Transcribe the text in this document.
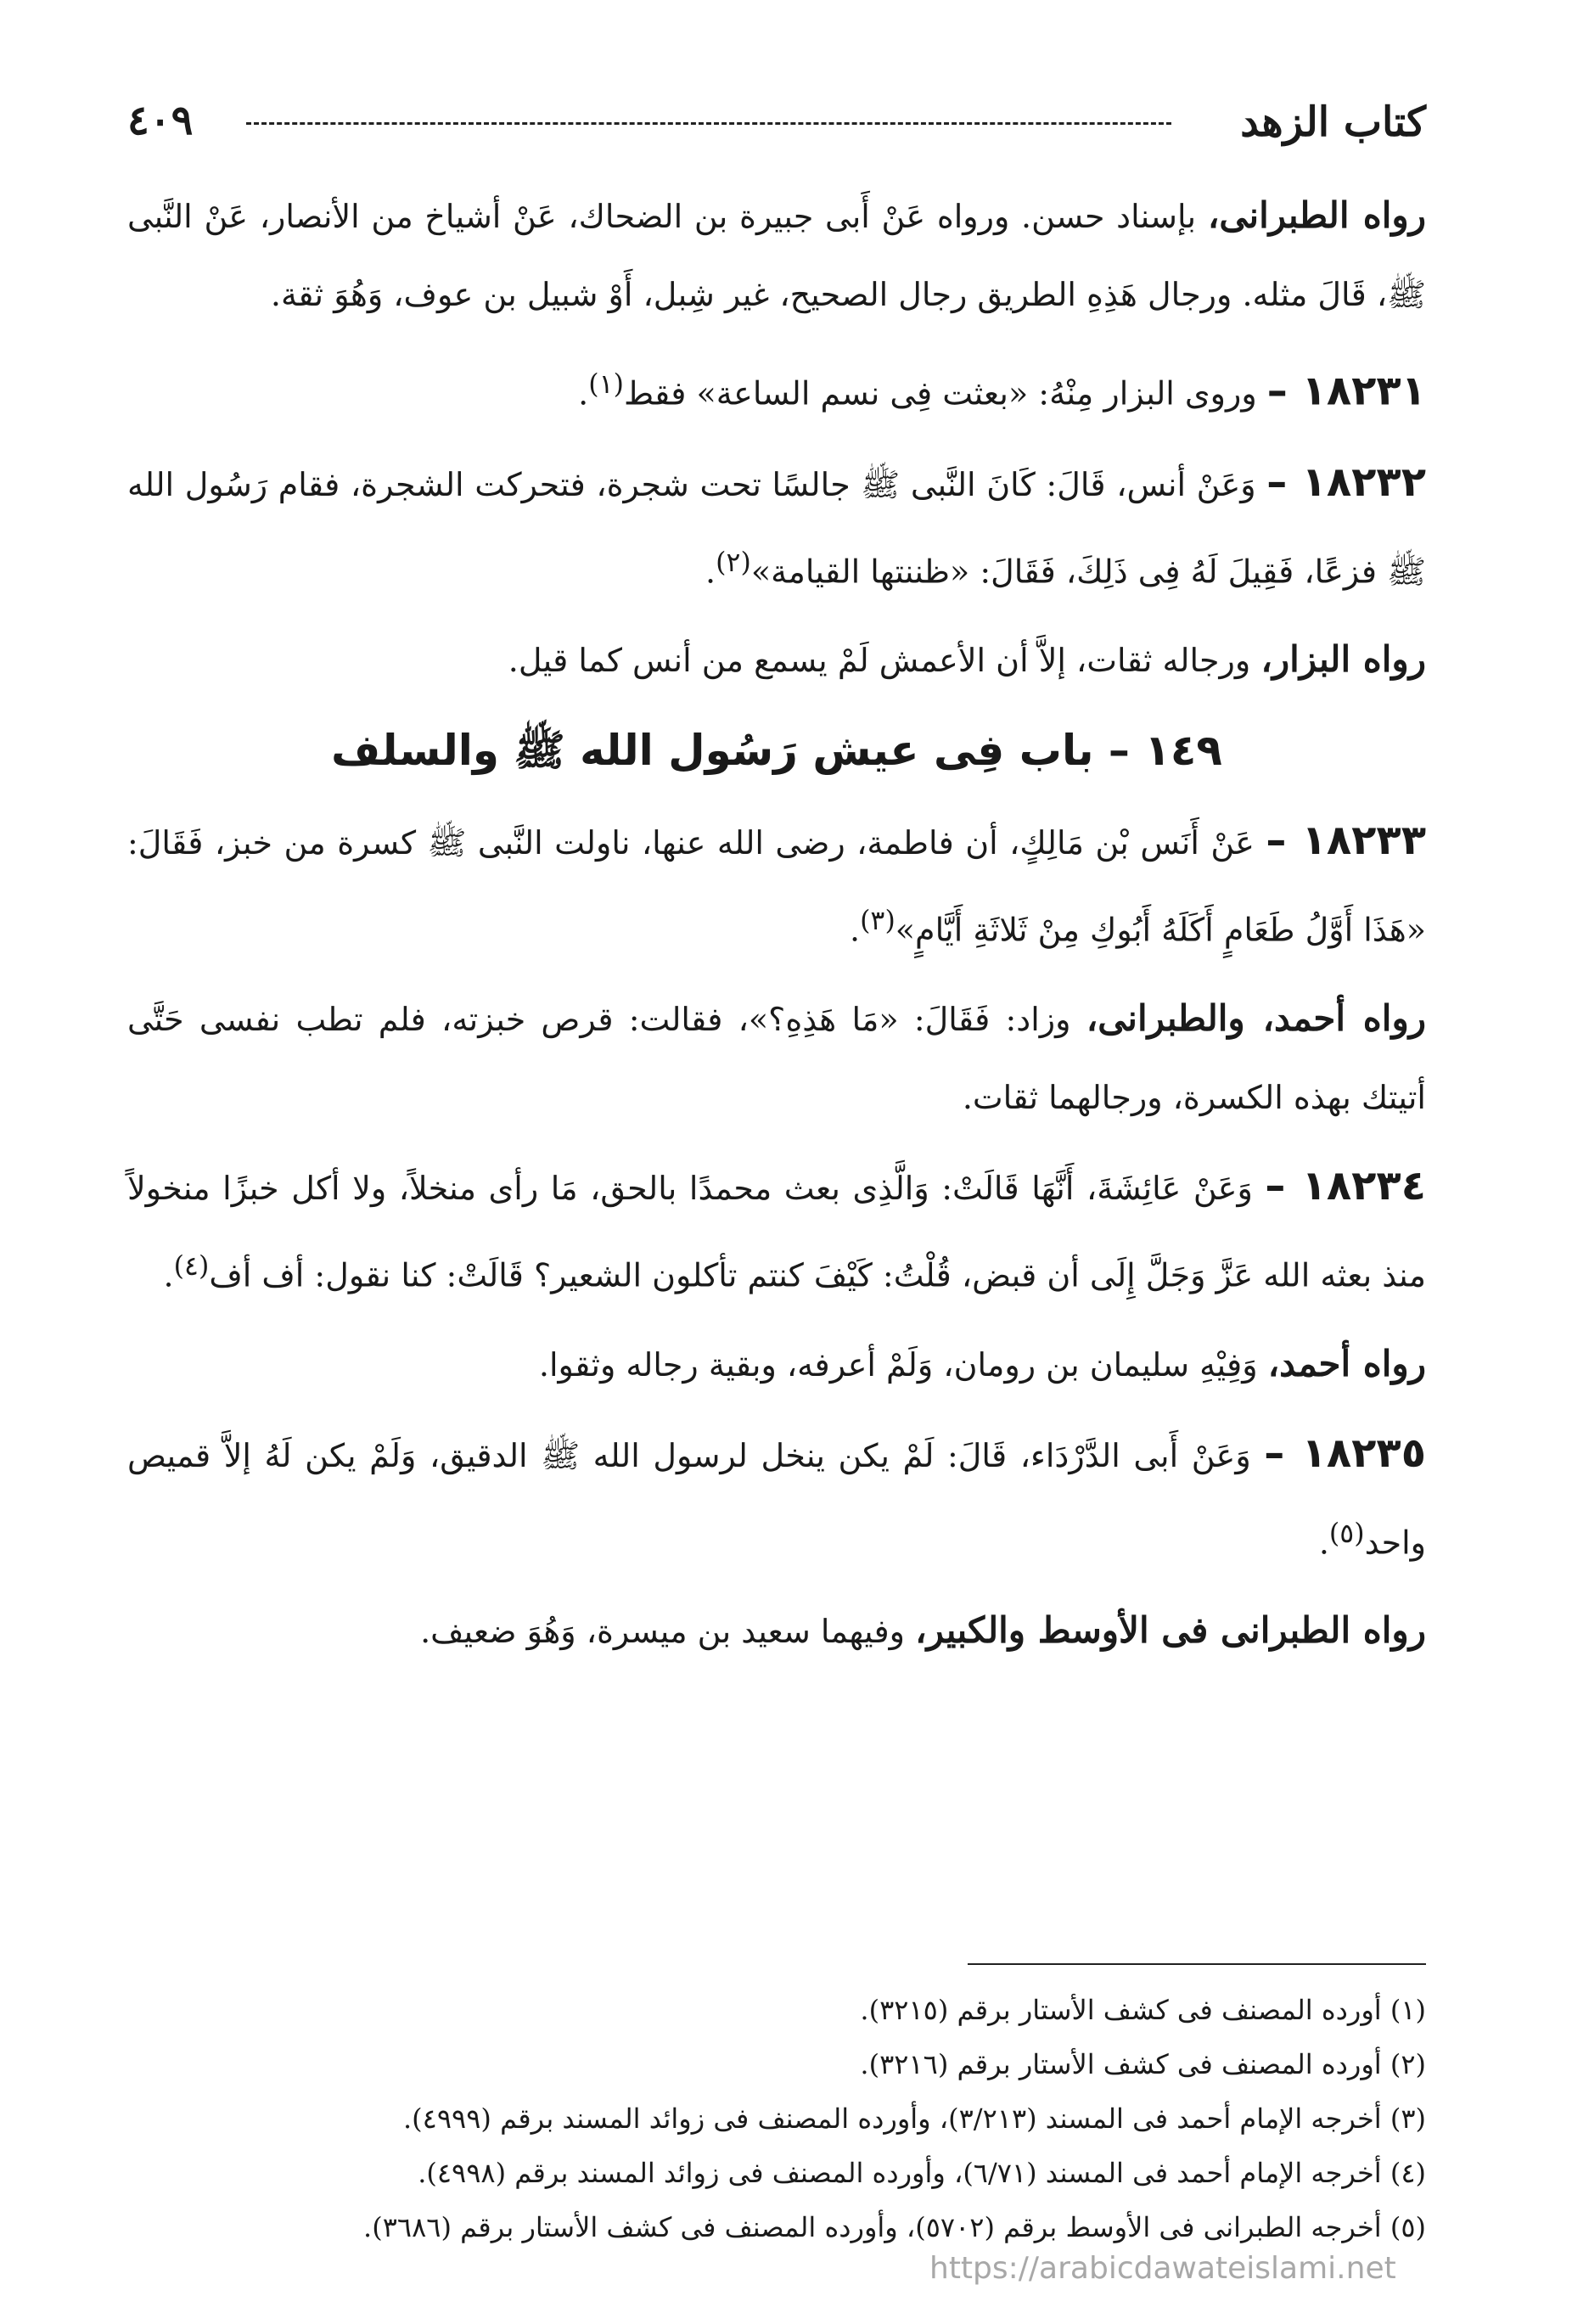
كتاب الزهد
٤٠٩

رواه الطبرانى، بإسناد حسن. ورواه عَنْ أَبى جبيرة بن الضحاك، عَنْ أشياخ من الأنصار، عَنْ النَّبى ﷺ، قَالَ مثله. ورجال هَذِهِ الطريق رجال الصحيح، غير شِبل، أَوْ شبيل بن عوف، وَهُوَ ثقة.

١٨٢٣١ – وروى البزار مِنْهُ: «بعثت فِى نسم الساعة» فقط$^{(١)}$.

١٨٢٣٢ – وَعَنْ أنس، قَالَ: كَانَ النَّبى ﷺ جالسًا تحت شجرة، فتحركت الشجرة، فقام رَسُول الله ﷺ فزعًا، فَقِيلَ لَهُ فِى ذَلِكَ، فَقَالَ: «ظننتها القيامة»$^{(٢)}$.

رواه البزار، ورجاله ثقات، إلاَّ أن الأعمش لَمْ يسمع من أنس كما قيل.

١٤٩ – باب فِى عيش رَسُول الله ﷺ والسلف

١٨٢٣٣ – عَنْ أَنَس بْن مَالِكٍ، أن فاطمة، رضى الله عنها، ناولت النَّبى ﷺ كسرة من خبز، فَقَالَ: «هَذَا أَوَّلُ طَعَامٍ أَكَلَهُ أَبُوكِ مِنْ ثَلاثَةِ أَيَّامٍ»$^{(٣)}$.

رواه أحمد، والطبرانى، وزاد: فَقَالَ: «مَا هَذِهِ؟»، فقالت: قرص خبزته، فلم تطب نفسى حَتَّى أتيتك بهذه الكسرة، ورجالهما ثقات.

١٨٢٣٤ – وَعَنْ عَائِشَةَ، أَنَّهَا قَالَتْ: وَالَّذِى بعث محمدًا بالحق، مَا رأى منخلاً، ولا أكل خبزًا منخولاً منذ بعثه الله عَزَّ وَجَلَّ إِلَى أن قبض، قُلْتُ: كَيْفَ كنتم تأكلون الشعير؟ قَالَتْ: كنا نقول: أف أف$^{(٤)}$.

رواه أحمد، وَفِيْهِ سليمان بن رومان، وَلَمْ أعرفه، وبقية رجاله وثقوا.

١٨٢٣٥ – وَعَنْ أَبى الدَّرْدَاء، قَالَ: لَمْ يكن ينخل لرسول الله ﷺ الدقيق، وَلَمْ يكن لَهُ إلاَّ قميص واحد$^{(٥)}$.

رواه الطبرانى فى الأوسط والكبير، وفيهما سعيد بن ميسرة، وَهُوَ ضعيف.

(١) أورده المصنف فى كشف الأستار برقم (٣٢١٥).

(٢) أورده المصنف فى كشف الأستار برقم (٣٢١٦).

(٣) أخرجه الإمام أحمد فى المسند (٣/٢١٣)، وأورده المصنف فى زوائد المسند برقم (٤٩٩٩).

(٤) أخرجه الإمام أحمد فى المسند (٦/٧١)، وأورده المصنف فى زوائد المسند برقم (٤٩٩٨).

(٥) أخرجه الطبرانى فى الأوسط برقم (٥٧٠٢)، وأورده المصنف فى كشف الأستار برقم (٣٦٨٦).

https://arabicdawateislami.net
